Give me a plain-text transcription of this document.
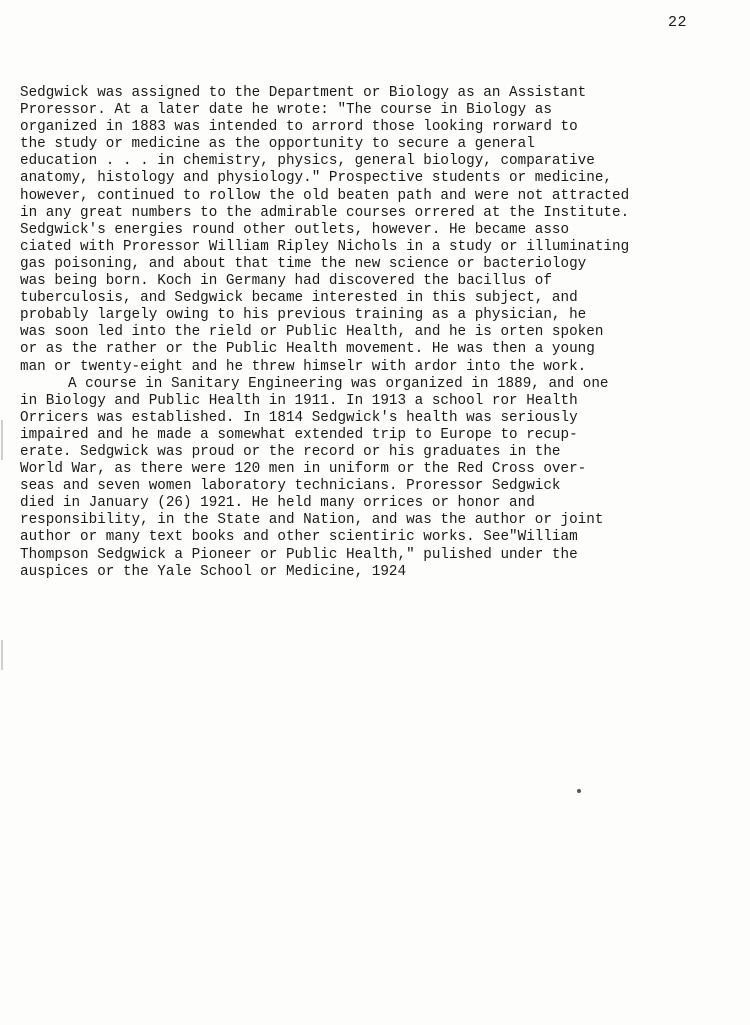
22
Sedgwick was assigned to the Department or Biology as an Assistant
Proressor. At a later date he wrote: "The course in Biology as
organized in 1883 was intended to arrord those looking rorward to
the study or medicine as the opportunity to secure a general
education . . . in chemistry, physics, general biology, comparative
anatomy, histology and physiology." Prospective students or medicine,
however, continued to rollow the old beaten path and were not attracted
in any great numbers to the admirable courses orrered at the Institute.
Sedgwick's energies round other outlets, however. He became asso
ciated with Proressor William Ripley Nichols in a study or illuminating
gas poisoning, and about that time the new science or bacteriology
was being born. Koch in Germany had discovered the bacillus of
tuberculosis, and Sedgwick became interested in this subject, and
probably largely owing to his previous training as a physician, he
was soon led into the rield or Public Health, and he is orten spoken
or as the rather or the Public Health movement. He was then a young
man or twenty-eight and he threw himselr with ardor into the work.
A course in Sanitary Engineering was organized in 1889, and one
in Biology and Public Health in 1911. In 1913 a school ror Health
Orricers was established. In 1814 Sedgwick's health was seriously
impaired and he made a somewhat extended trip to Europe to recup-
erate. Sedgwick was proud or the record or his graduates in the
World War, as there were 120 men in uniform or the Red Cross over-
seas and seven women laboratory technicians. Proressor Sedgwick
died in January (26) 1921. He held many orrices or honor and
responsibility, in the State and Nation, and was the author or joint
author or many text books and other scientiric works. See"William
Thompson Sedgwick a Pioneer or Public Health," pulished under the
auspices or the Yale School or Medicine, 1924
